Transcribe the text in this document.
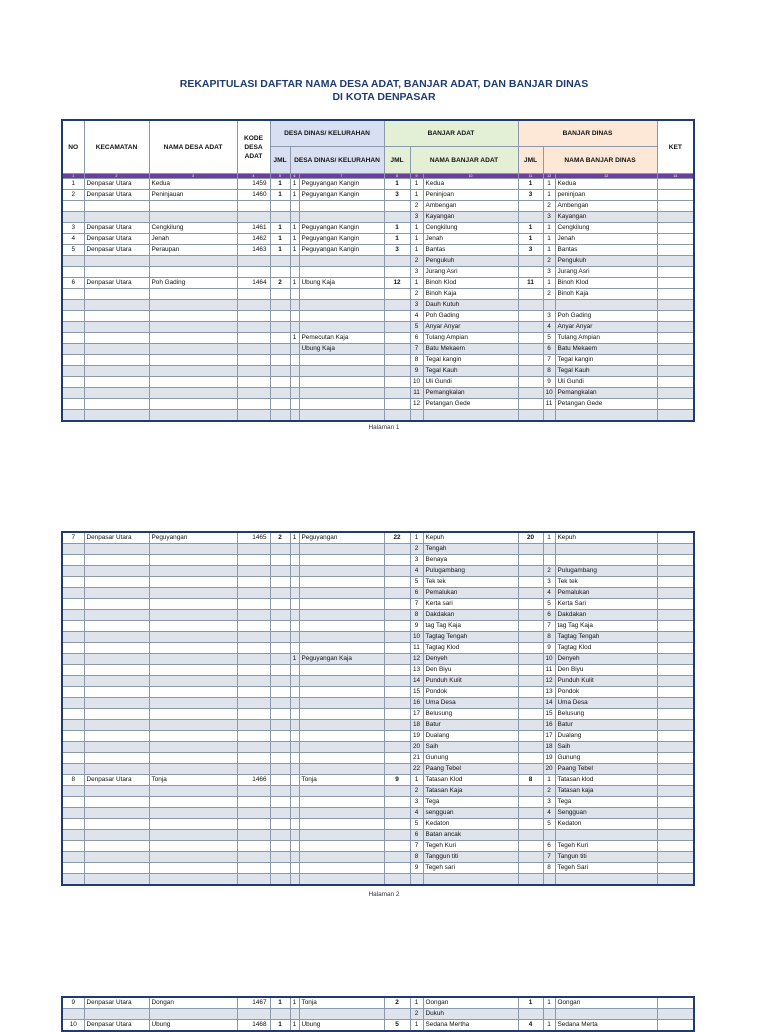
REKAPITULASI DAFTAR NAMA DESA ADAT, BANJAR ADAT, DAN BANJAR DINAS
DI KOTA DENPASAR
NO	KECAMATAN	NAMA DESA ADAT	KODE DESA ADAT	DESA DINAS/ KELURAHAN			BANJAR ADAT			BANJAR DINAS			KET
				JML	DESA DINAS/ KELURAHAN		JML	NAMA BANJAR ADAT		JML	NAMA BANJAR DINAS		
1	2	3	4	5	6	7	8	9	10	11	12	13	14
1	Denpasar Utara	Kedua	1459	1	1	Peguyangan Kangin	1	1	Kedua	1	1	Kedua	
2	Denpasar Utara	Peninjauan	1460	1	1	Peguyangan Kangin	3	1	Peninjoan	3	1	peninjoan	
								2	Ambengan		2	Ambengan	
								3	Kayangan		3	Kayangan	
3	Denpasar Utara	Cengkilung	1461	1	1	Peguyangan Kangin	1	1	Cengkilung	1	1	Cengkilung	
4	Denpasar Utara	Jenah	1462	1	1	Peguyangan Kangin	1	1	Jenah	1	1	Jenah	
5	Denpasar Utara	Peraupan	1463	1	1	Peguyangan Kangin	3	1	Bantas	3	1	Bantas	
								2	Pengukuh		2	Pengukuh	
								3	Jurang Asri		3	Jurang Asri	
6	Denpasar Utara	Poh Gading	1464	2	1	Ubung Kaja	12	1	Binoh Klod	11	1	Binoh Klod	
								2	Binoh Kaja		2	Binoh Kaja	
								3	Dauh Kutuh				
								4	Poh Gading		3	Poh Gading	
								5	Anyar Anyar		4	Anyar Anyar	
					1	Pemecutan Kaja		6	Tulang Ampian		5	Tulang Ampian	
						Ubung Kaja		7	Batu Mekaem		6	Batu Mekaem	
								8	Tegal kangin		7	Tegal kangin	
								9	Tegal Kauh		8	Tegal Kauh	
								10	Uli Gundi		9	Uli Gundi	
								11	Pemangkalan		10	Pemangkalan	
								12	Petangan Gede		11	Petangan Gede	

Halaman 1
7	Denpasar Utara	Peguyangan	1465	2	1	Peguyangan	22	1	Kepuh	20	1	Kepuh	
								2	Tengah				
								3	Benaya				
								4	Pulugambang		2	Pulugambang	
								5	Tek tek		3	Tek tek	
								6	Pemalukan		4	Pemalukan	
								7	Kerta sari		5	Kerta Sari	
								8	Dakdakan		6	Dakdakan	
								9	tag Tag Kaja		7	tag Tag Kaja	
								10	Tagtag Tengah		8	Tagtag Tengah	
								11	Tagtag Klod		9	Tagtag Klod	
					1	Peguyangan Kaja		12	Denyeh		10	Denyeh	
								13	Den Biyu		11	Den Biyu	
								14	Punduh Kulit		12	Punduh Kulit	
								15	Pondok		13	Pondok	
								16	Uma Desa		14	Uma Desa	
								17	Belusung		15	Belusung	
								18	Batur		16	Batur	
								19	Dualang		17	Dualang	
								20	Saih		18	Saih	
								21	Gunung		19	Gunung	
								22	Paang Tebel		20	Paang Tebel	
8	Denpasar Utara	Tonja	1466			Tonja	9	1	Tatasan Klod	8	1	Tatasan klod	
								2	Tatasan Kaja		2	Tatasan kaja	
								3	Tega		3	Tega	
								4	sengguan		4	Sengguan	
								5	Kedaton		5	Kedaton	
								6	Batan ancak				
								7	Tegeh Kuri		6	Tegeh Kuri	
								8	Tanggun titi		7	Tangun titi	
								9	Tegeh sari		8	Tegeh Sari	

Halaman 2
9	Denpasar Utara	Dongan	1467	1	1	Tonja	2	1	Oongan	1	1	Oongan	
								2	Dukuh				
10	Denpasar Utara	Ubung	1468	1	1	Ubung	5	1	Sedana Mertha	4	1	Sedana Merta	
